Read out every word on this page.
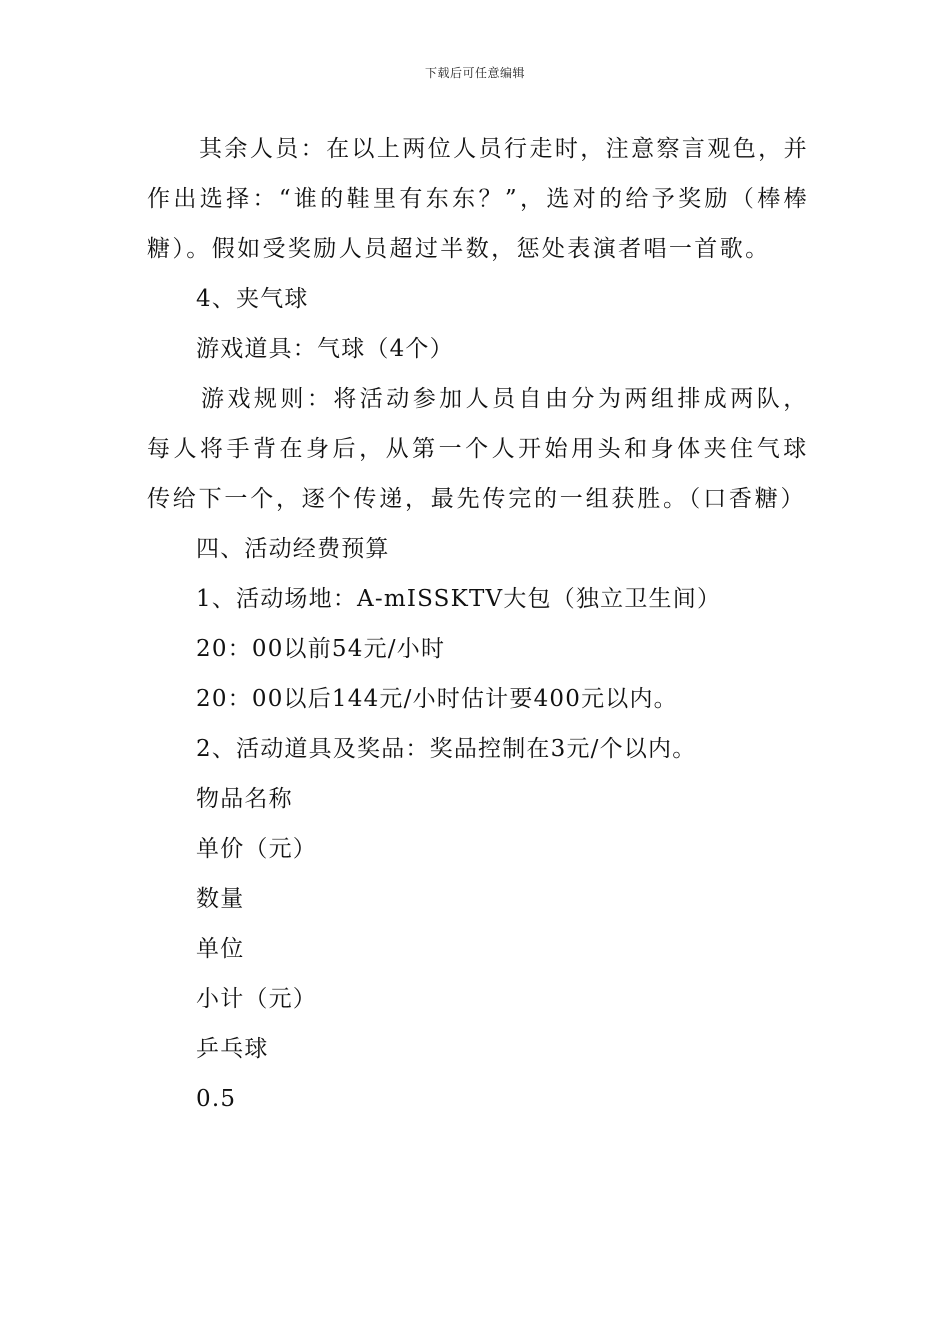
下载后可任意编辑

其余人员：在以上两位人员行走时，注意察言观色，并作出选择：“谁的鞋里有东东？”，选对的给予奖励（棒棒糖）。假如受奖励人员超过半数，惩处表演者唱一首歌。

4、夹气球

游戏道具：气球（4个）

游戏规则：将活动参加人员自由分为两组排成两队，每人将手背在身后，从第一个人开始用头和身体夹住气球传给下一个，逐个传递，最先传完的一组获胜。（口香糖）

四、活动经费预算

1、活动场地：A-mISSKTV大包（独立卫生间）

20：00以前54元/小时

20：00以后144元/小时估计要400元以内。

2、活动道具及奖品：奖品控制在3元/个以内。

物品名称

单价（元）

数量

单位

小计（元）

乒乓球

0.5
